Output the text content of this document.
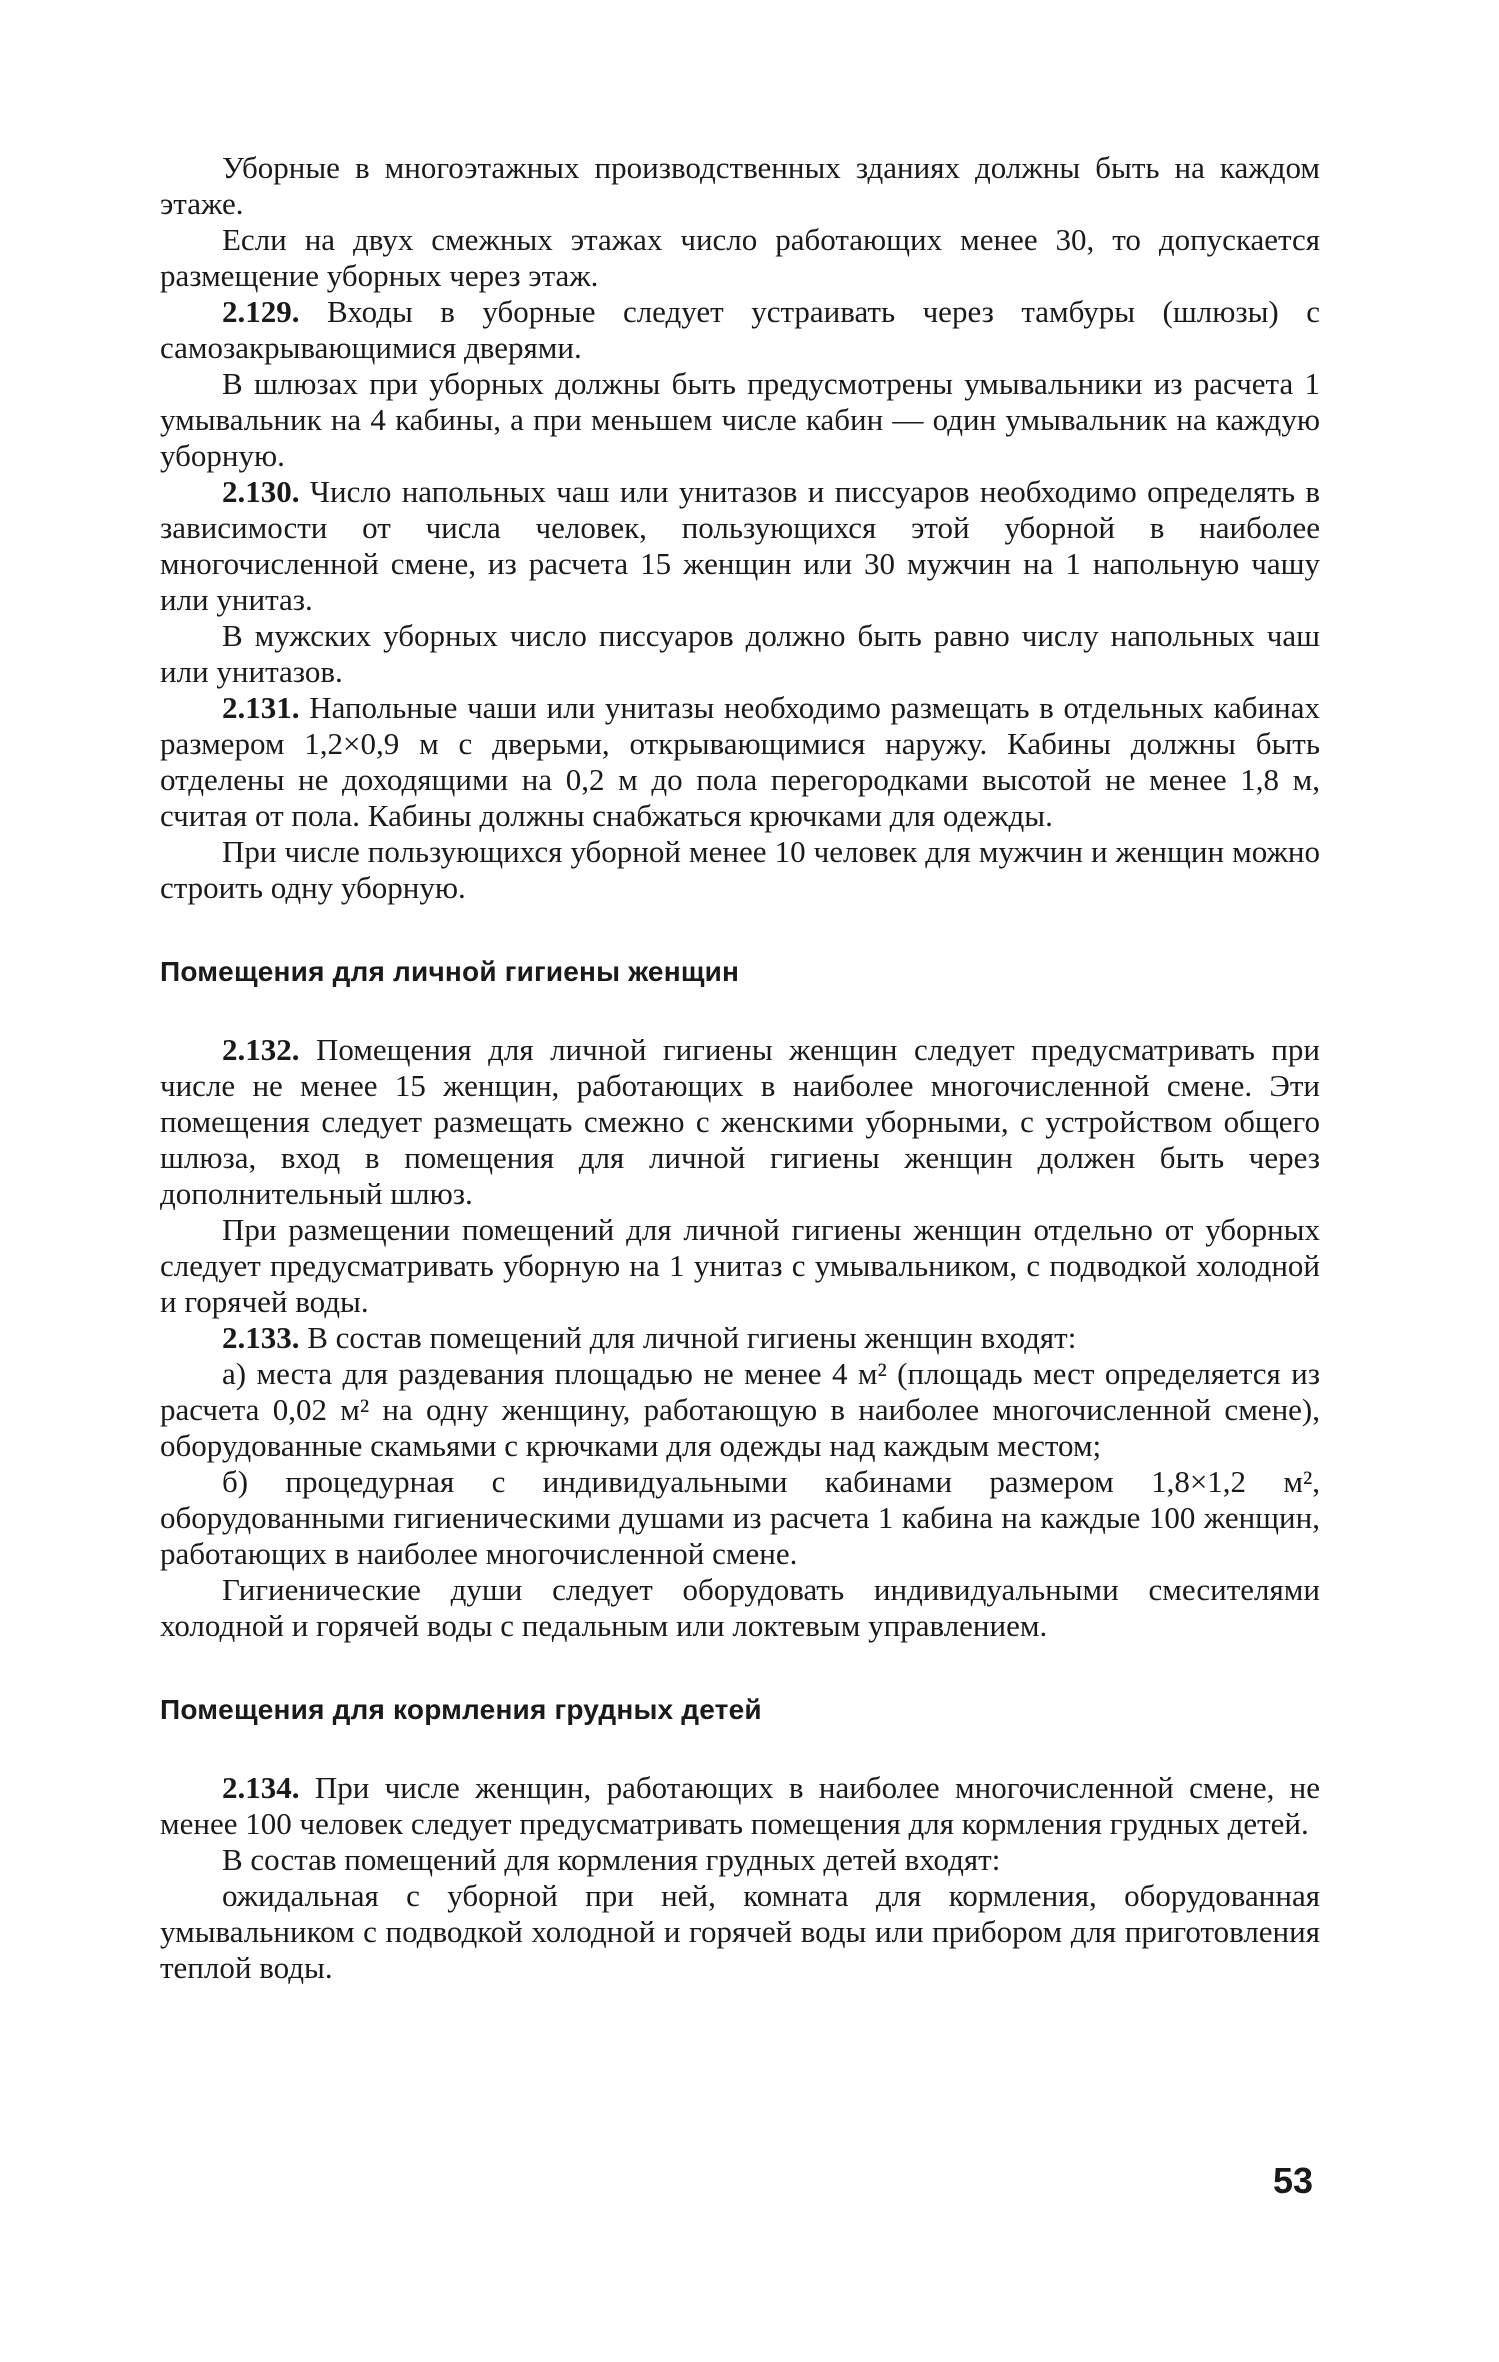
Уборные в многоэтажных производственных зданиях должны быть на каждом этаже.

Если на двух смежных этажах число работающих менее 30, то допускается размещение уборных через этаж.

2.129. Входы в уборные следует устраивать через тамбуры (шлюзы) с самозакрывающимися дверями.

В шлюзах при уборных должны быть предусмотрены умывальники из расчета 1 умывальник на 4 кабины, а при меньшем числе кабин — один умывальник на каждую уборную.

2.130. Число напольных чаш или унитазов и писсуаров необходимо определять в зависимости от числа человек, пользующихся этой уборной в наиболее многочисленной смене, из расчета 15 женщин или 30 мужчин на 1 напольную чашу или унитаз.

В мужских уборных число писсуаров должно быть равно числу напольных чаш или унитазов.

2.131. Напольные чаши или унитазы необходимо размещать в отдельных кабинах размером 1,2×0,9 м с дверьми, открывающимися наружу. Кабины должны быть отделены не доходящими на 0,2 м до пола перегородками высотой не менее 1,8 м, считая от пола. Кабины должны снабжаться крючками для одежды.

При числе пользующихся уборной менее 10 человек для мужчин и женщин можно строить одну уборную.

Помещения для личной гигиены женщин

2.132. Помещения для личной гигиены женщин следует предусматривать при числе не менее 15 женщин, работающих в наиболее многочисленной смене. Эти помещения следует размещать смежно с женскими уборными, с устройством общего шлюза, вход в помещения для личной гигиены женщин должен быть через дополнительный шлюз.

При размещении помещений для личной гигиены женщин отдельно от уборных следует предусматривать уборную на 1 унитаз с умывальником, с подводкой холодной и горячей воды.

2.133. В состав помещений для личной гигиены женщин входят:

а) места для раздевания площадью не менее 4 м² (площадь мест определяется из расчета 0,02 м² на одну женщину, работающую в наиболее многочисленной смене), оборудованные скамьями с крючками для одежды над каждым местом;

б) процедурная с индивидуальными кабинами размером 1,8×1,2 м², оборудованными гигиеническими душами из расчета 1 кабина на каждые 100 женщин, работающих в наиболее многочисленной смене.

Гигиенические души следует оборудовать индивидуальными смесителями холодной и горячей воды с педальным или локтевым управлением.

Помещения для кормления грудных детей

2.134. При числе женщин, работающих в наиболее многочисленной смене, не менее 100 человек следует предусматривать помещения для кормления грудных детей.

В состав помещений для кормления грудных детей входят:

ожидальная с уборной при ней, комната для кормления, оборудованная умывальником с подводкой холодной и горячей воды или прибором для приготовления теплой воды.

53
